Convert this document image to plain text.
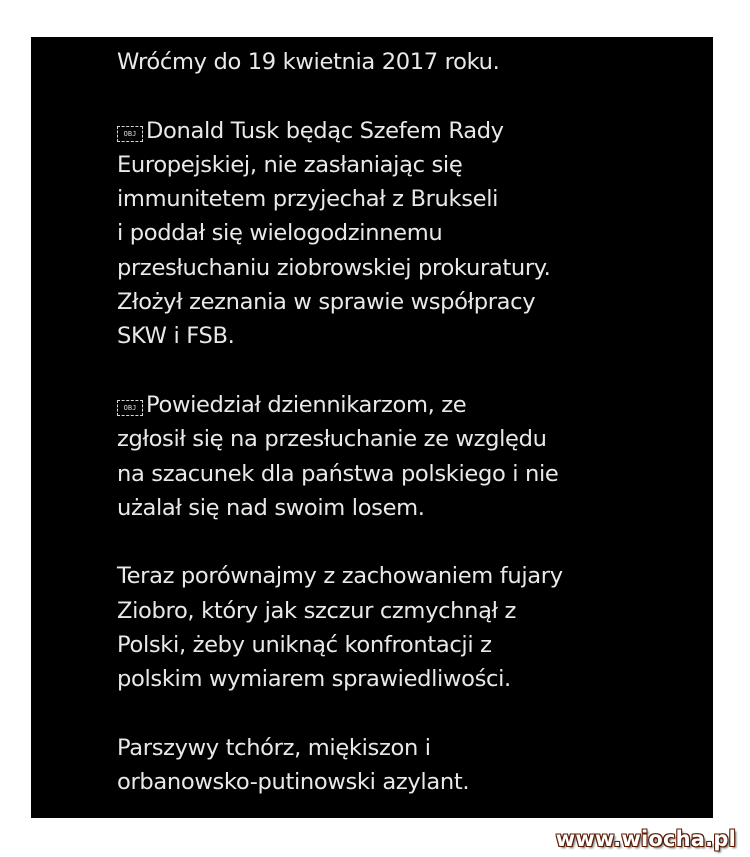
Wróćmy do 19 kwietnia 2017 roku.

OBJ Donald Tusk będąc Szefem Rady
Europejskiej, nie zasłaniając się
immunitetem przyjechał z Brukseli
i poddał się wielogodzinnemu
przesłuchaniu ziobrowskiej prokuratury.
Złożył zeznania w sprawie współpracy
SKW i FSB.

OBJ Powiedział dziennikarzom, ze
zgłosił się na przesłuchanie ze względu
na szacunek dla państwa polskiego i nie
użalał się nad swoim losem.

Teraz porównajmy z zachowaniem fujary
Ziobro, który jak szczur czmychnął z
Polski, żeby uniknąć konfrontacji z
polskim wymiarem sprawiedliwości.

Parszywy tchórz, miękiszon i
orbanowsko-putinowski azylant.

www.wiocha.pl
